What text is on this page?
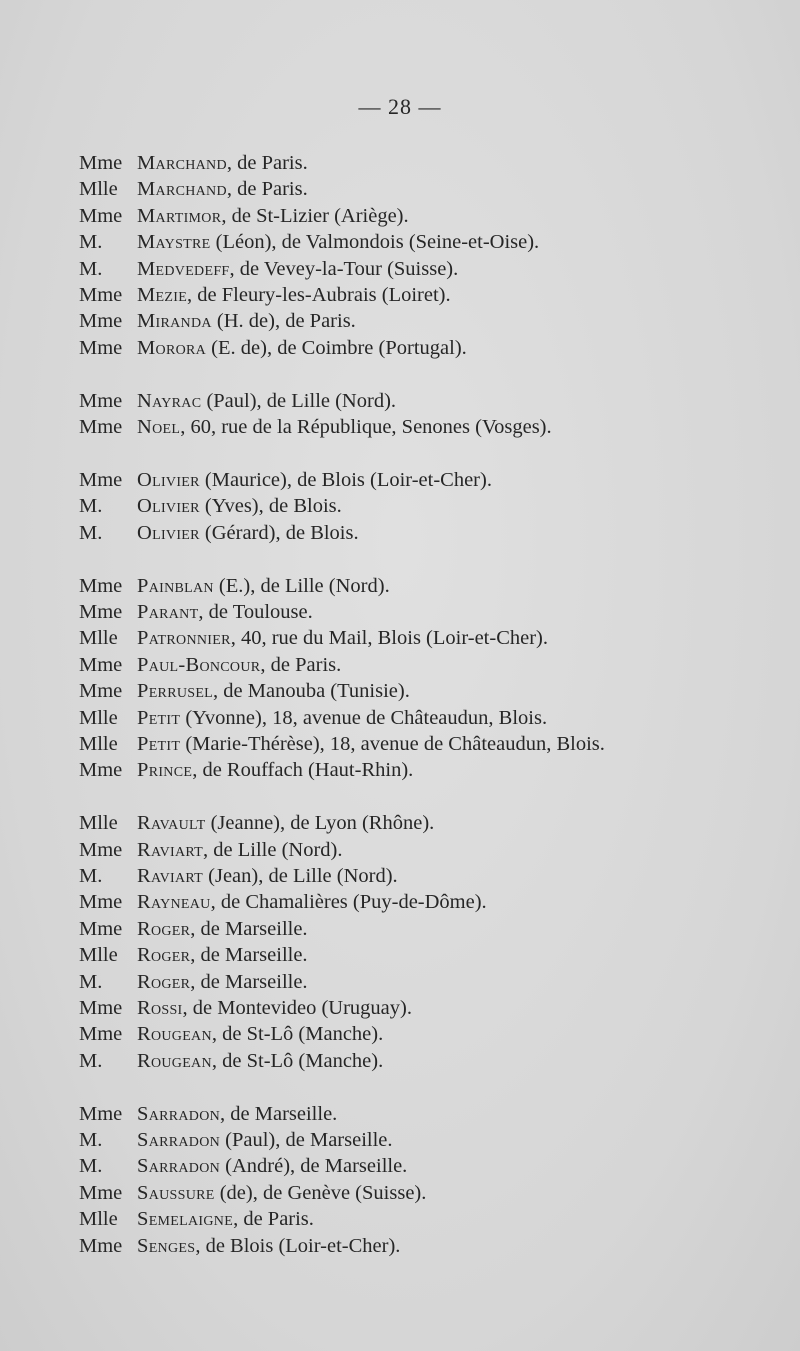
— 28 —
Mme Marchand, de Paris.
Mlle Marchand, de Paris.
Mme Martimor, de St-Lizier (Ariège).
M. Maystre (Léon), de Valmondois (Seine-et-Oise).
M. Medvedeff, de Vevey-la-Tour (Suisse).
Mme Mezie, de Fleury-les-Aubrais (Loiret).
Mme Miranda (H. de), de Paris.
Mme Morora (E. de), de Coimbre (Portugal).
Mme Nayrac (Paul), de Lille (Nord).
Mme Noel, 60, rue de la République, Senones (Vosges).
Mme Olivier (Maurice), de Blois (Loir-et-Cher).
M. Olivier (Yves), de Blois.
M. Olivier (Gérard), de Blois.
Mme Painblan (E.), de Lille (Nord).
Mme Parant, de Toulouse.
Mlle Patronnier, 40, rue du Mail, Blois (Loir-et-Cher).
Mme Paul-Boncour, de Paris.
Mme Perrusel, de Manouba (Tunisie).
Mlle Petit (Yvonne), 18, avenue de Châteaudun, Blois.
Mlle Petit (Marie-Thérèse), 18, avenue de Châteaudun, Blois.
Mme Prince, de Rouffach (Haut-Rhin).
Mlle Ravault (Jeanne), de Lyon (Rhône).
Mme Raviart, de Lille (Nord).
M. Raviart (Jean), de Lille (Nord).
Mme Rayneau, de Chamalières (Puy-de-Dôme).
Mme Roger, de Marseille.
Mlle Roger, de Marseille.
M. Roger, de Marseille.
Mme Rossi, de Montevideo (Uruguay).
Mme Rougean, de St-Lô (Manche).
M. Rougean, de St-Lô (Manche).
Mme Sarradon, de Marseille.
M. Sarradon (Paul), de Marseille.
M. Sarradon (André), de Marseille.
Mme Saussure (de), de Genève (Suisse).
Mlle Semelaigne, de Paris.
Mme Senges, de Blois (Loir-et-Cher).
